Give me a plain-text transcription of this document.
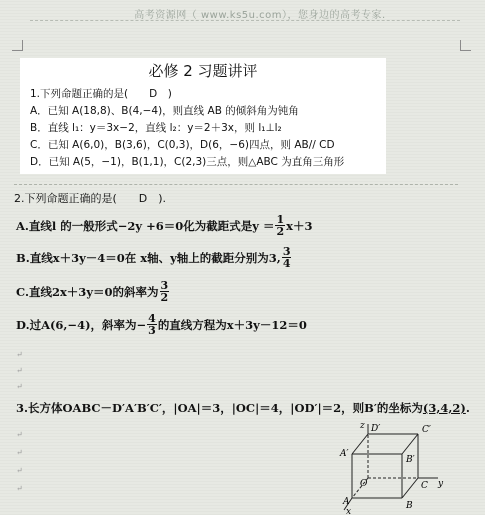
高考资源网（ www.ks5u.com），您身边的高考专家.
必修 2 习题讲评
1.下列命题正确的是(　　D　)
A．已知 A(18,8)、B(4,−4)，则直线 AB 的倾斜角为钝角
B．直线 l₁：y＝3x−2，直线 l₂：y＝2＋3x，则 l₁⊥l₂
C．已知 A(6,0)，B(3,6)，C(0,3)，D(6，−6)四点，则 AB// CD
D．已知 A(5，−1)，B(1,1)，C(2,3)三点，则△ABC 为直角三角形
2.下列命题正确的是(　　D　).
A.直线l 的一般形式−2y +6＝0化为截距式是$y = \frac{1}{2} x+3$
B.直线x＋3y－4＝0在 x轴、y轴上的截距分别为3, $\frac{3}{4}$
C.直线2x＋3y＝0的斜率为 $\frac{3}{2}$
D.过A(6,−4)，斜率为− $\frac{4}{3}$ 的直线方程为x＋3y－12＝0
↵
↵
↵
3.长方体OABC－D′A′B′C′，|OA|＝3，|OC|＝4，|OD′|＝2，则B′的坐标为 (3,4,2) .
↵
↵
↵
↵
z D′	C′
A′
B′
O	C y
A	B
x
